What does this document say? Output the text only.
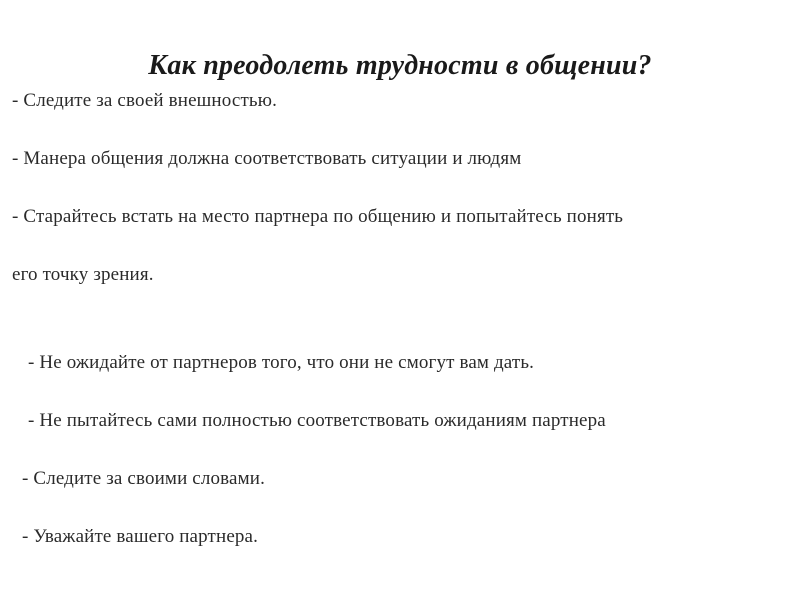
Как преодолеть трудности в общении?
- Следите за своей внешностью.
- Манера общения должна соответствовать ситуации и людям
- Старайтесь встать на место партнера по общению и попытайтесь понять
его точку зрения.
- Не ожидайте от партнеров того, что они не смогут вам дать.
- Не пытайтесь сами полностью соответствовать ожиданиям партнера
- Следите за своими словами.
- Уважайте вашего партнера.
